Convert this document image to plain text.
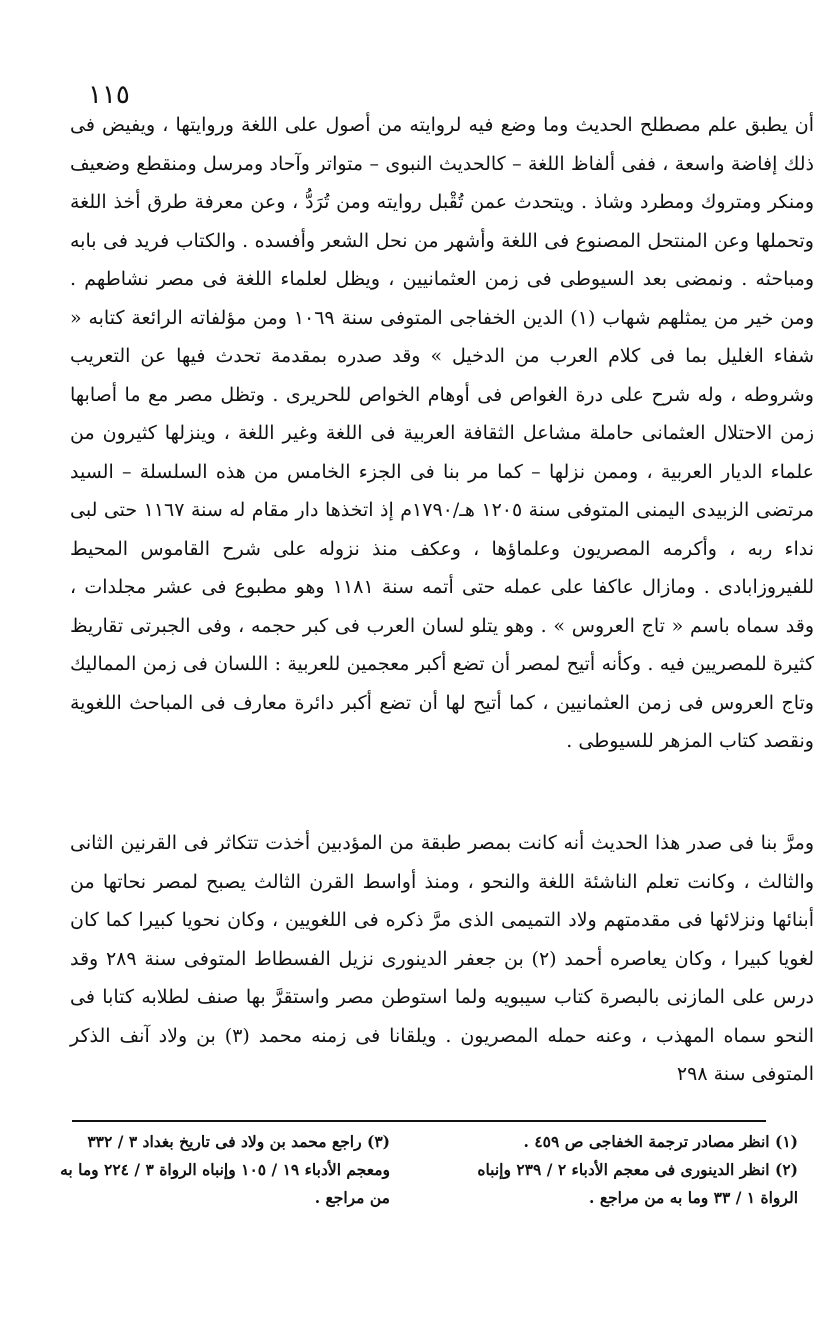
١١٥

أن يطبق علم مصطلح الحديث وما وضع فيه لروايته من أصول على اللغة وروايتها ، ويفيض فى ذلك إفاضة واسعة ، ففى ألفاظ اللغة – كالحديث النبوى – متواتر وآحاد ومرسل ومنقطع وضعيف ومنكر ومتروك ومطرد وشاذ . ويتحدث عمن تُقْبل روايته ومن تُرَدُّ ، وعن معرفة طرق أخذ اللغة وتحملها وعن المنتحل المصنوع فى اللغة وأشهر من نحل الشعر وأفسده . والكتاب فريد فى بابه ومباحثه . ونمضى بعد السيوطى فى زمن العثمانيين ، ويظل لعلماء اللغة فى مصر نشاطهم . ومن خير من يمثلهم شهاب (١) الدين الخفاجى المتوفى سنة ١٠٦٩ ومن مؤلفاته الرائعة كتابه « شفاء الغليل بما فى كلام العرب من الدخيل » وقد صدره بمقدمة تحدث فيها عن التعريب وشروطه ، وله شرح على درة الغواص فى أوهام الخواص للحريرى . وتظل مصر مع ما أصابها زمن الاحتلال العثمانى حاملة مشاعل الثقافة العربية فى اللغة وغير اللغة ، وينزلها كثيرون من علماء الديار العربية ، وممن نزلها – كما مر بنا فى الجزء الخامس من هذه السلسلة – السيد مرتضى الزبيدى اليمنى المتوفى سنة ١٢٠٥ هـ/١٧٩٠م إذ اتخذها دار مقام له سنة ١١٦٧ حتى لبى نداء ربه ، وأكرمه المصريون وعلماؤها ، وعكف منذ نزوله على شرح القاموس المحيط للفيروزابادى . ومازال عاكفا على عمله حتى أتمه سنة ١١٨١ وهو مطبوع فى عشر مجلدات ، وقد سماه باسم « تاج العروس » . وهو يتلو لسان العرب فى كبر حجمه ، وفى الجبرتى تقاريظ كثيرة للمصريين فيه . وكأنه أتيح لمصر أن تضع أكبر معجمين للعربية : اللسان فى زمن المماليك وتاج العروس فى زمن العثمانيين ، كما أتيح لها أن تضع أكبر دائرة معارف فى المباحث اللغوية ونقصد كتاب المزهر للسيوطى .

ومرَّ بنا فى صدر هذا الحديث أنه كانت بمصر طبقة من المؤدبين أخذت تتكاثر فى القرنين الثانى والثالث ، وكانت تعلم الناشئة اللغة والنحو ، ومنذ أواسط القرن الثالث يصبح لمصر نحاتها من أبنائها ونزلائها فى مقدمتهم ولاد التميمى الذى مرَّ ذكره فى اللغويين ، وكان نحويا كبيرا كما كان لغويا كبيرا ، وكان يعاصره أحمد (٢) بن جعفر الدينورى نزيل الفسطاط المتوفى سنة ٢٨٩ وقد درس على المازنى بالبصرة كتاب سيبويه ولما استوطن مصر واستقرَّ بها صنف لطلابه كتابا فى النحو سماه المهذب ، وعنه حمله المصريون . ويلقانا فى زمنه محمد (٣) بن ولاد آنف الذكر المتوفى سنة ٢٩٨

(١) انظر مصادر ترجمة الخفاجى ص ٤٥٩ .

(٢) انظر الدينورى فى معجم الأدباء ٢ / ٢٣٩ وإنباه الرواة ١ / ٣٣ وما به من مراجع .

(٣) راجع محمد بن ولاد فى تاريخ بغداد ٣ / ٣٣٢ ومعجم الأدباء ١٩ / ١٠٥ وإنباه الرواة ٣ / ٢٢٤ وما به من مراجع .
